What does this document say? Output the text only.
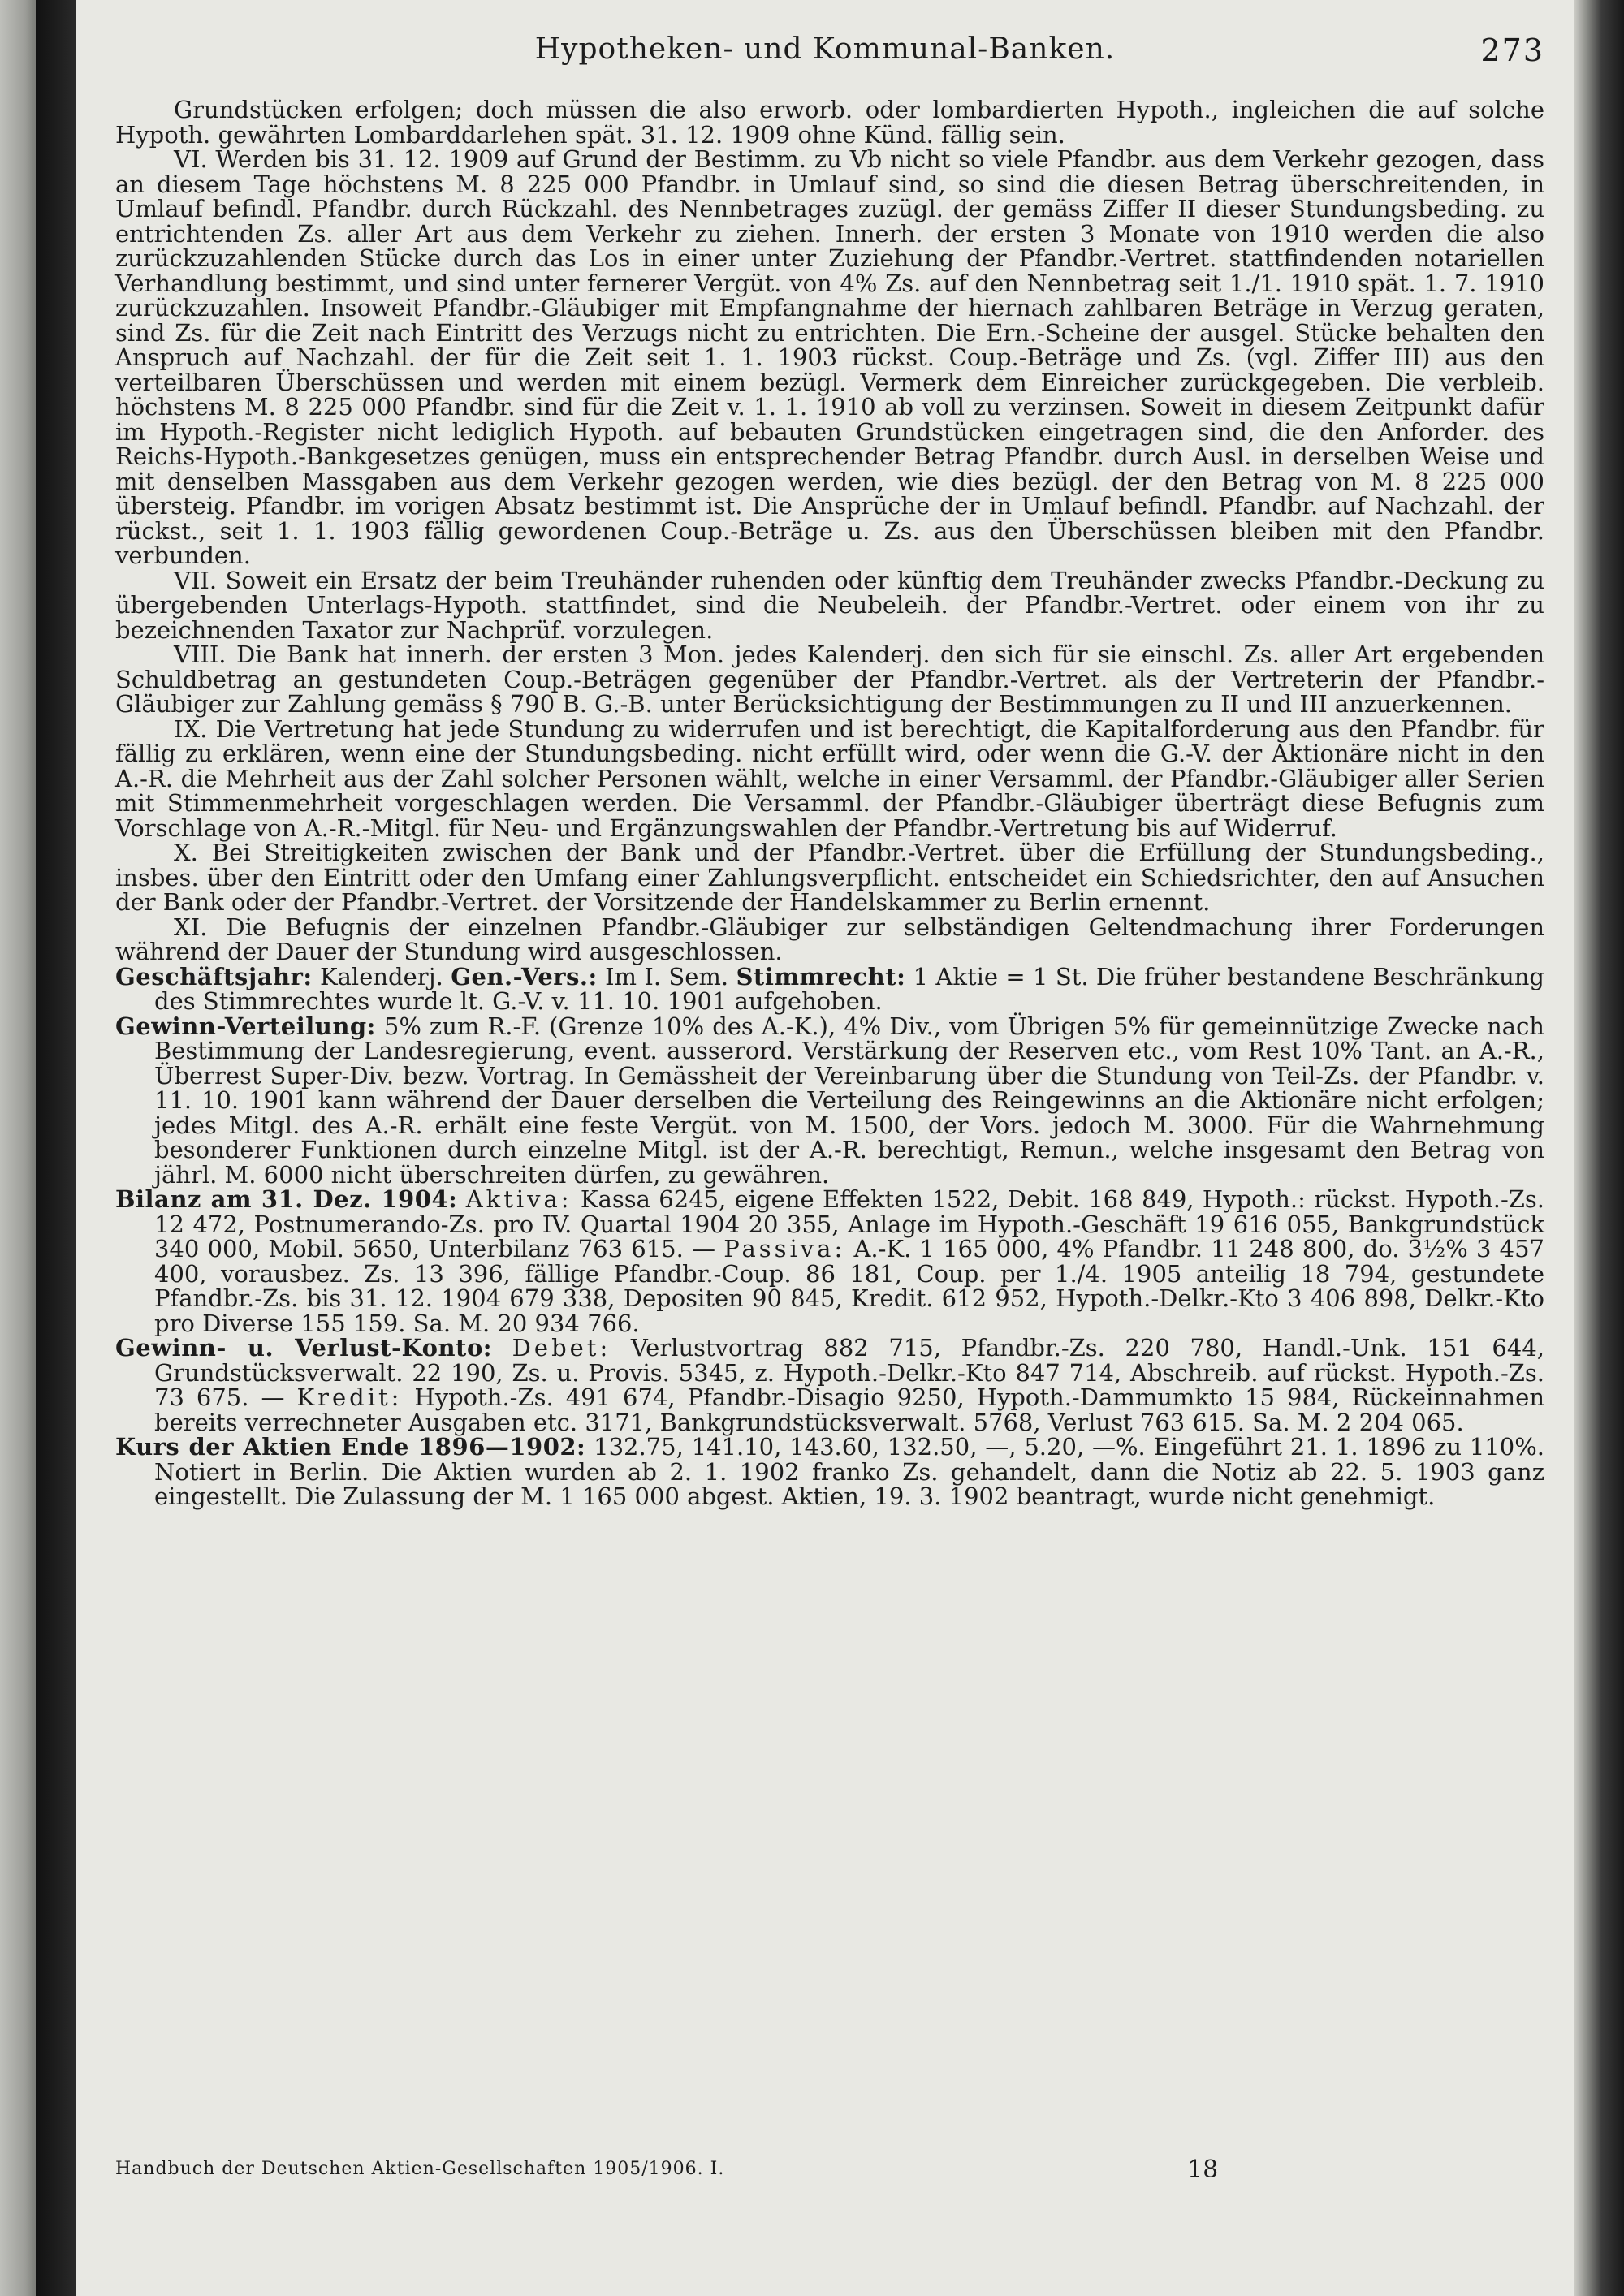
Hypotheken- und Kommunal-Banken.	273

Grundstücken erfolgen; doch müssen die also erworb. oder lombardierten Hypoth., ingleichen die auf solche Hypoth. gewährten Lombarddarlehen spät. 31. 12. 1909 ohne Künd. fällig sein.

VI. Werden bis 31. 12. 1909 auf Grund der Bestimm. zu Vb nicht so viele Pfandbr. aus dem Verkehr gezogen, dass an diesem Tage höchstens M. 8 225 000 Pfandbr. in Umlauf sind, so sind die diesen Betrag überschreitenden, in Umlauf befindl. Pfandbr. durch Rückzahl. des Nennbetrages zuzügl. der gemäss Ziffer II dieser Stundungsbeding. zu entrichtenden Zs. aller Art aus dem Verkehr zu ziehen. Innerh. der ersten 3 Monate von 1910 werden die also zurückzuzahlenden Stücke durch das Los in einer unter Zuziehung der Pfandbr.-Vertret. stattfindenden notariellen Verhandlung bestimmt, und sind unter fernerer Vergüt. von 4% Zs. auf den Nennbetrag seit 1./1. 1910 spät. 1. 7. 1910 zurückzuzahlen. Insoweit Pfandbr.-Gläubiger mit Empfangnahme der hiernach zahlbaren Beträge in Verzug geraten, sind Zs. für die Zeit nach Eintritt des Verzugs nicht zu entrichten. Die Ern.-Scheine der ausgel. Stücke behalten den Anspruch auf Nachzahl. der für die Zeit seit 1. 1. 1903 rückst. Coup.-Beträge und Zs. (vgl. Ziffer III) aus den verteilbaren Überschüssen und werden mit einem bezügl. Vermerk dem Einreicher zurückgegeben. Die verbleib. höchstens M. 8 225 000 Pfandbr. sind für die Zeit v. 1. 1. 1910 ab voll zu verzinsen. Soweit in diesem Zeitpunkt dafür im Hypoth.-Register nicht lediglich Hypoth. auf bebauten Grundstücken eingetragen sind, die den Anforder. des Reichs-Hypoth.-Bankgesetzes genügen, muss ein entsprechender Betrag Pfandbr. durch Ausl. in derselben Weise und mit denselben Massgaben aus dem Verkehr gezogen werden, wie dies bezügl. der den Betrag von M. 8 225 000 übersteig. Pfandbr. im vorigen Absatz bestimmt ist. Die Ansprüche der in Umlauf befindl. Pfandbr. auf Nachzahl. der rückst., seit 1. 1. 1903 fällig gewordenen Coup.-Beträge u. Zs. aus den Überschüssen bleiben mit den Pfandbr. verbunden.

VII. Soweit ein Ersatz der beim Treuhänder ruhenden oder künftig dem Treuhänder zwecks Pfandbr.-Deckung zu übergebenden Unterlags-Hypoth. stattfindet, sind die Neubeleih. der Pfandbr.-Vertret. oder einem von ihr zu bezeichnenden Taxator zur Nachprüf. vorzulegen.

VIII. Die Bank hat innerh. der ersten 3 Mon. jedes Kalenderj. den sich für sie einschl. Zs. aller Art ergebenden Schuldbetrag an gestundeten Coup.-Beträgen gegenüber der Pfandbr.-Vertret. als der Vertreterin der Pfandbr.-Gläubiger zur Zahlung gemäss § 790 B. G.-B. unter Berücksichtigung der Bestimmungen zu II und III anzuerkennen.

IX. Die Vertretung hat jede Stundung zu widerrufen und ist berechtigt, die Kapitalforderung aus den Pfandbr. für fällig zu erklären, wenn eine der Stundungsbeding. nicht erfüllt wird, oder wenn die G.-V. der Aktionäre nicht in den A.-R. die Mehrheit aus der Zahl solcher Personen wählt, welche in einer Versamml. der Pfandbr.-Gläubiger aller Serien mit Stimmenmehrheit vorgeschlagen werden. Die Versamml. der Pfandbr.-Gläubiger überträgt diese Befugnis zum Vorschlage von A.-R.-Mitgl. für Neu- und Ergänzungswahlen der Pfandbr.-Vertretung bis auf Widerruf.

X. Bei Streitigkeiten zwischen der Bank und der Pfandbr.-Vertret. über die Erfüllung der Stundungsbeding., insbes. über den Eintritt oder den Umfang einer Zahlungsverpflicht. entscheidet ein Schiedsrichter, den auf Ansuchen der Bank oder der Pfandbr.-Vertret. der Vorsitzende der Handelskammer zu Berlin ernennt.

XI. Die Befugnis der einzelnen Pfandbr.-Gläubiger zur selbständigen Geltendmachung ihrer Forderungen während der Dauer der Stundung wird ausgeschlossen.

Geschäftsjahr: Kalenderj. Gen.-Vers.: Im I. Sem. Stimmrecht: 1 Aktie = 1 St. Die früher bestandene Beschränkung des Stimmrechtes wurde lt. G.-V. v. 11. 10. 1901 aufgehoben.

Gewinn-Verteilung: 5% zum R.-F. (Grenze 10% des A.-K.), 4% Div., vom Übrigen 5% für gemeinnützige Zwecke nach Bestimmung der Landesregierung, event. ausserord. Verstärkung der Reserven etc., vom Rest 10% Tant. an A.-R., Überrest Super-Div. bezw. Vortrag. In Gemässheit der Vereinbarung über die Stundung von Teil-Zs. der Pfandbr. v. 11. 10. 1901 kann während der Dauer derselben die Verteilung des Reingewinns an die Aktionäre nicht erfolgen; jedes Mitgl. des A.-R. erhält eine feste Vergüt. von M. 1500, der Vors. jedoch M. 3000. Für die Wahrnehmung besonderer Funktionen durch einzelne Mitgl. ist der A.-R. berechtigt, Remun., welche insgesamt den Betrag von jährl. M. 6000 nicht überschreiten dürfen, zu gewähren.

Bilanz am 31. Dez. 1904: Aktiva: Kassa 6245, eigene Effekten 1522, Debit. 168 849, Hypoth.: rückst. Hypoth.-Zs. 12 472, Postnumerando-Zs. pro IV. Quartal 1904 20 355, Anlage im Hypoth.-Geschäft 19 616 055, Bankgrundstück 340 000, Mobil. 5650, Unterbilanz 763 615. — Passiva: A.-K. 1 165 000, 4% Pfandbr. 11 248 800, do. 3½% 3 457 400, vorausbez. Zs. 13 396, fällige Pfandbr.-Coup. 86 181, Coup. per 1./4. 1905 anteilig 18 794, gestundete Pfandbr.-Zs. bis 31. 12. 1904 679 338, Depositen 90 845, Kredit. 612 952, Hypoth.-Delkr.-Kto 3 406 898, Delkr.-Kto pro Diverse 155 159. Sa. M. 20 934 766.

Gewinn- u. Verlust-Konto: Debet: Verlustvortrag 882 715, Pfandbr.-Zs. 220 780, Handl.-Unk. 151 644, Grundstücksverwalt. 22 190, Zs. u. Provis. 5345, z. Hypoth.-Delkr.-Kto 847 714, Abschreib. auf rückst. Hypoth.-Zs. 73 675. — Kredit: Hypoth.-Zs. 491 674, Pfandbr.-Disagio 9250, Hypoth.-Dammumkto 15 984, Rückeinnahmen bereits verrechneter Ausgaben etc. 3171, Bankgrundstücksverwalt. 5768, Verlust 763 615. Sa. M. 2 204 065.

Kurs der Aktien Ende 1896—1902: 132.75, 141.10, 143.60, 132.50, —, 5.20, —%. Eingeführt 21. 1. 1896 zu 110%. Notiert in Berlin. Die Aktien wurden ab 2. 1. 1902 franko Zs. gehandelt, dann die Notiz ab 22. 5. 1903 ganz eingestellt. Die Zulassung der M. 1 165 000 abgest. Aktien, 19. 3. 1902 beantragt, wurde nicht genehmigt.

Handbuch der Deutschen Aktien-Gesellschaften 1905/1906. I.	18
